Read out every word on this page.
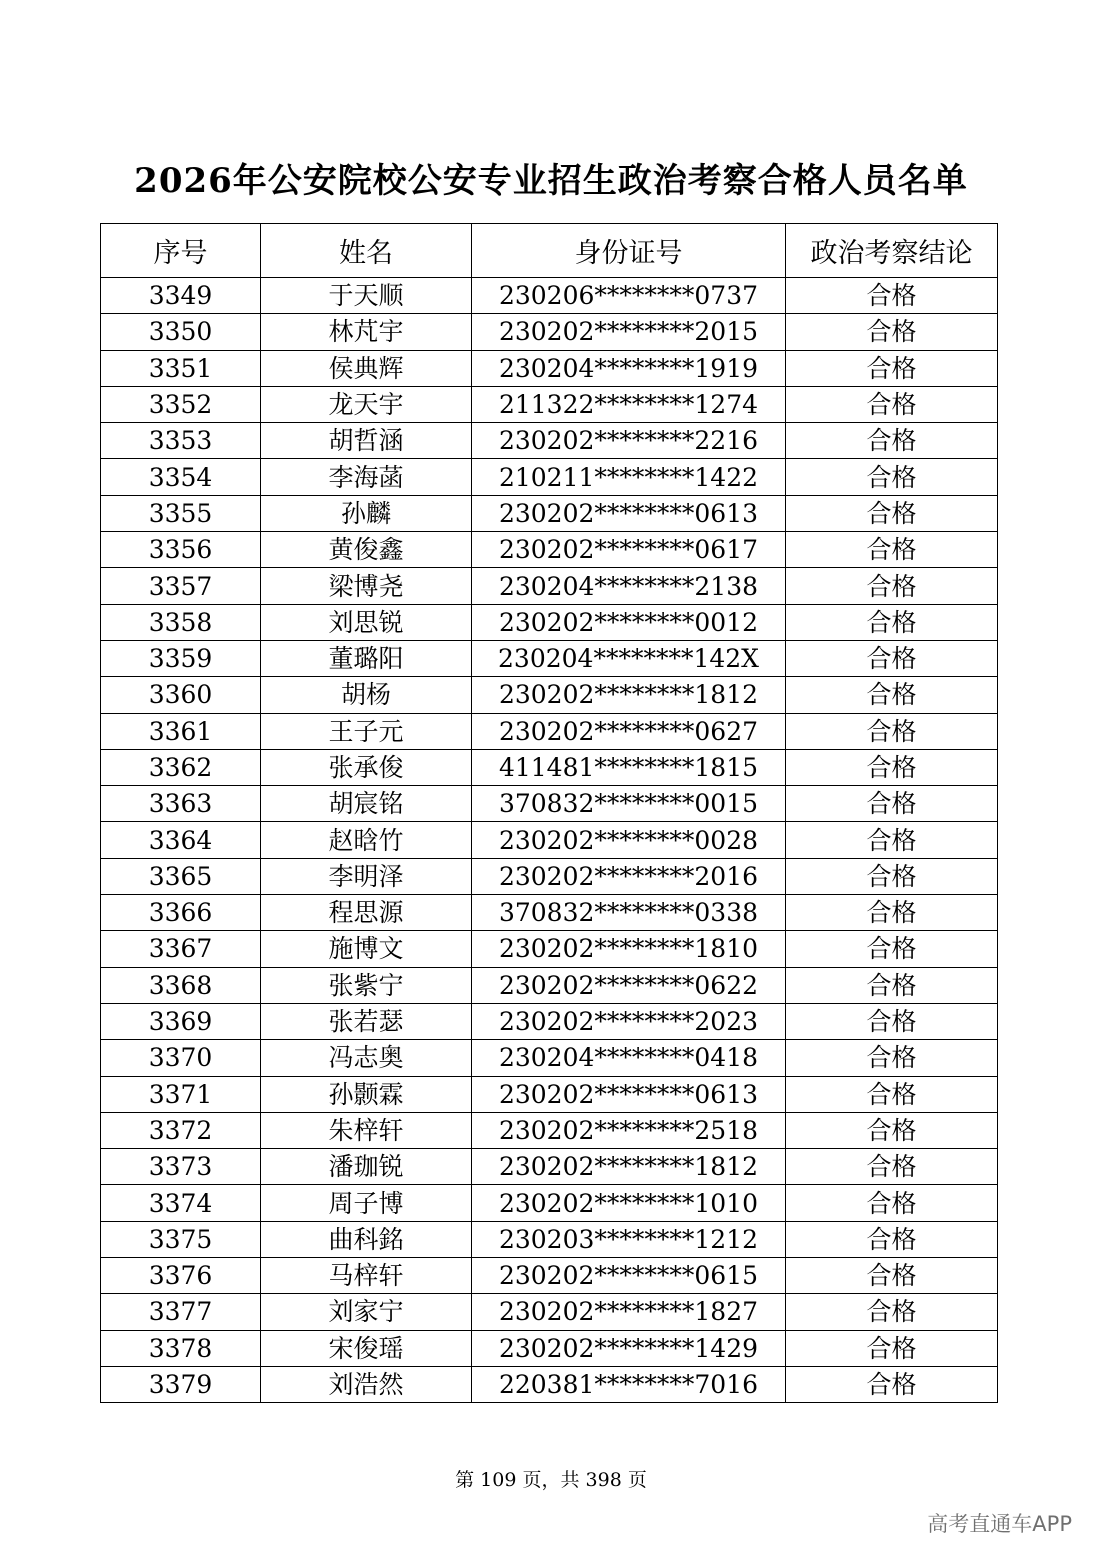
2026年公安院校公安专业招生政治考察合格人员名单
序号	姓名	身份证号	政治考察结论
3349	于天顺	230206********0737	合格
3350	林芃宇	230202********2015	合格
3351	侯典辉	230204********1919	合格
3352	龙天宇	211322********1274	合格
3353	胡哲涵	230202********2216	合格
3354	李海菡	210211********1422	合格
3355	孙麟	230202********0613	合格
3356	黄俊鑫	230202********0617	合格
3357	梁博尧	230204********2138	合格
3358	刘思锐	230202********0012	合格
3359	董璐阳	230204********142X	合格
3360	胡杨	230202********1812	合格
3361	王子元	230202********0627	合格
3362	张承俊	411481********1815	合格
3363	胡宸铭	370832********0015	合格
3364	赵晗竹	230202********0028	合格
3365	李明泽	230202********2016	合格
3366	程思源	370832********0338	合格
3367	施博文	230202********1810	合格
3368	张紫宁	230202********0622	合格
3369	张若瑟	230202********2023	合格
3370	冯志奥	230204********0418	合格
3371	孙颢霖	230202********0613	合格
3372	朱梓轩	230202********2518	合格
3373	潘珈锐	230202********1812	合格
3374	周子博	230202********1010	合格
3375	曲科銘	230203********1212	合格
3376	马梓轩	230202********0615	合格
3377	刘家宁	230202********1827	合格
3378	宋俊瑶	230202********1429	合格
3379	刘浩然	220381********7016	合格
第 109 页，共 398 页
高考直通车APP
